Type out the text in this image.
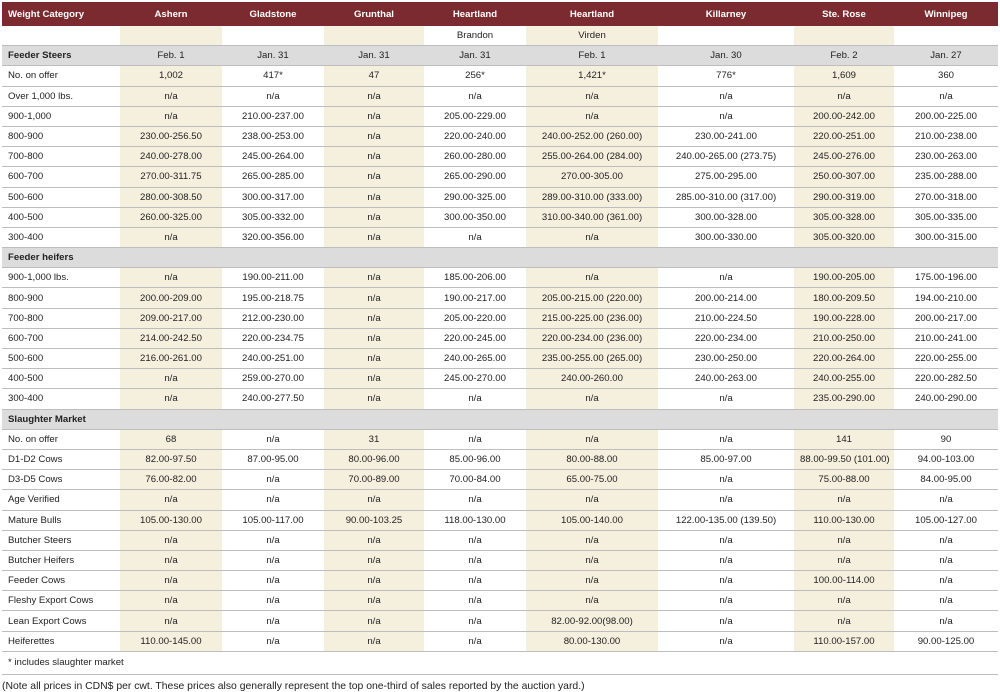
Weight Category	Ashern	Gladstone	Grunthal	Heartland	Heartland	Killarney	Ste. Rose	Winnipeg
				Brandon	Virden			
Feeder Steers	Feb. 1	Jan. 31	Jan. 31	Jan. 31	Feb. 1	Jan. 30	Feb. 2	Jan. 27
No. on offer	1,002	417*	47	256*	1,421*	776*	1,609	360
Over 1,000 lbs.	n/a	n/a	n/a	n/a	n/a	n/a	n/a	n/a
900-1,000	n/a	210.00-237.00	n/a	205.00-229.00	n/a	n/a	200.00-242.00	200.00-225.00
800-900	230.00-256.50	238.00-253.00	n/a	220.00-240.00	240.00-252.00 (260.00)	230.00-241.00	220.00-251.00	210.00-238.00
700-800	240.00-278.00	245.00-264.00	n/a	260.00-280.00	255.00-264.00 (284.00)	240.00-265.00 (273.75)	245.00-276.00	230.00-263.00
600-700	270.00-311.75	265.00-285.00	n/a	265.00-290.00	270.00-305.00	275.00-295.00	250.00-307.00	235.00-288.00
500-600	280.00-308.50	300.00-317.00	n/a	290.00-325.00	289.00-310.00 (333.00)	285.00-310.00 (317.00)	290.00-319.00	270.00-318.00
400-500	260.00-325.00	305.00-332.00	n/a	300.00-350.00	310.00-340.00 (361.00)	300.00-328.00	305.00-328.00	305.00-335.00
300-400	n/a	320.00-356.00	n/a	n/a	n/a	300.00-330.00	305.00-320.00	300.00-315.00
Feeder heifers								
900-1,000 lbs.	n/a	190.00-211.00	n/a	185.00-206.00	n/a	n/a	190.00-205.00	175.00-196.00
800-900	200.00-209.00	195.00-218.75	n/a	190.00-217.00	205.00-215.00 (220.00)	200.00-214.00	180.00-209.50	194.00-210.00
700-800	209.00-217.00	212.00-230.00	n/a	205.00-220.00	215.00-225.00 (236.00)	210.00-224.50	190.00-228.00	200.00-217.00
600-700	214.00-242.50	220.00-234.75	n/a	220.00-245.00	220.00-234.00 (236.00)	220.00-234.00	210.00-250.00	210.00-241.00
500-600	216.00-261.00	240.00-251.00	n/a	240.00-265.00	235.00-255.00 (265.00)	230.00-250.00	220.00-264.00	220.00-255.00
400-500	n/a	259.00-270.00	n/a	245.00-270.00	240.00-260.00	240.00-263.00	240.00-255.00	220.00-282.50
300-400	n/a	240.00-277.50	n/a	n/a	n/a	n/a	235.00-290.00	240.00-290.00
Slaughter Market								
No. on offer	68	n/a	31	n/a	n/a	n/a	141	90
D1-D2 Cows	82.00-97.50	87.00-95.00	80.00-96.00	85.00-96.00	80.00-88.00	85.00-97.00	88.00-99.50 (101.00)	94.00-103.00
D3-D5 Cows	76.00-82.00	n/a	70.00-89.00	70.00-84.00	65.00-75.00	n/a	75.00-88.00	84.00-95.00
Age Verified	n/a	n/a	n/a	n/a	n/a	n/a	n/a	n/a
Mature Bulls	105.00-130.00	105.00-117.00	90.00-103.25	118.00-130.00	105.00-140.00	122.00-135.00 (139.50)	110.00-130.00	105.00-127.00
Butcher Steers	n/a	n/a	n/a	n/a	n/a	n/a	n/a	n/a
Butcher Heifers	n/a	n/a	n/a	n/a	n/a	n/a	n/a	n/a
Feeder Cows	n/a	n/a	n/a	n/a	n/a	n/a	100.00-114.00	n/a
Fleshy Export Cows	n/a	n/a	n/a	n/a	n/a	n/a	n/a	n/a
Lean Export Cows	n/a	n/a	n/a	n/a	82.00-92.00(98.00)	n/a	n/a	n/a
Heiferettes	110.00-145.00	n/a	n/a	n/a	80.00-130.00	n/a	110.00-157.00	90.00-125.00
* includes slaughter market								
(Note all prices in CDN$ per cwt. These prices also generally represent the top one-third of sales reported by the auction yard.)
